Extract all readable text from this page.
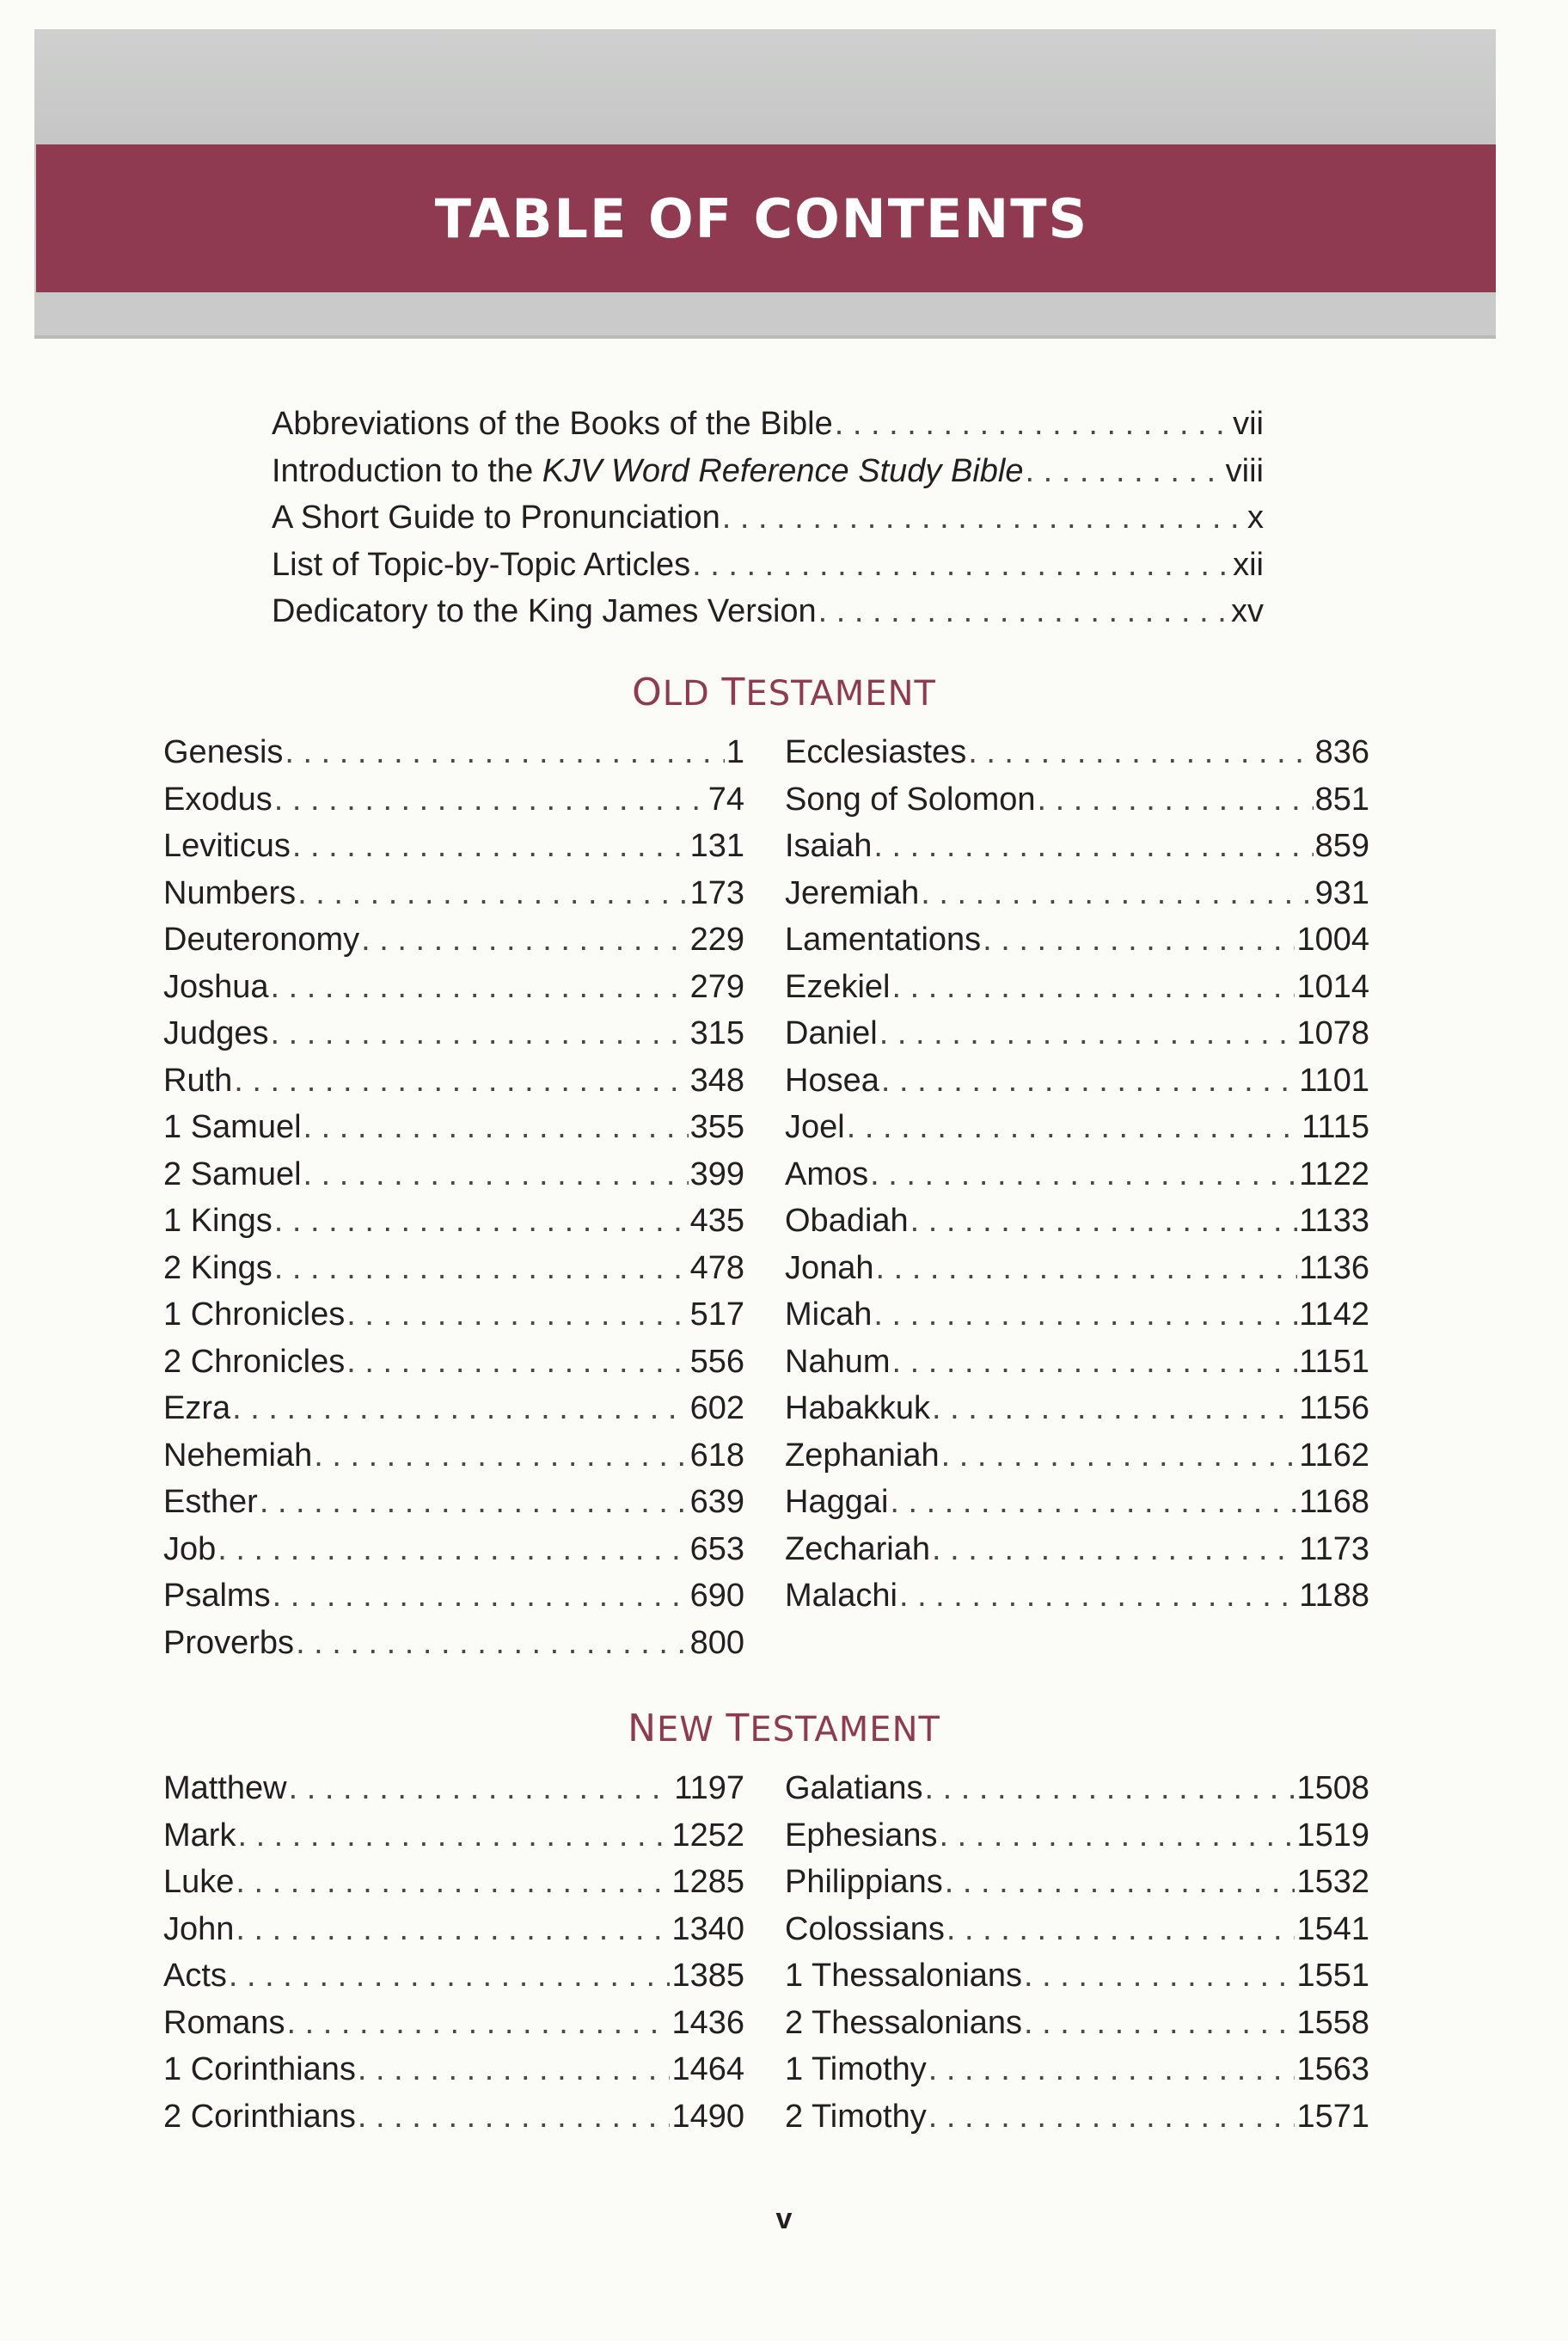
TABLE OF CONTENTS
Abbreviations of the Books of the Bible . . .	vii
Introduction to the KJV Word Reference Study Bible . . .	viii
A Short Guide to Pronunciation . . .	x
List of Topic-by-Topic Articles . . .	xii
Dedicatory to the King James Version . . .	xv
OLD TESTAMENT
Genesis . . .	1
Exodus . . .	74
Leviticus . . .	131
Numbers . . .	173
Deuteronomy . . .	229
Joshua . . .	279
Judges . . .	315
Ruth . . .	348
1 Samuel . . .	355
2 Samuel . . .	399
1 Kings . . .	435
2 Kings . . .	478
1 Chronicles . . .	517
2 Chronicles . . .	556
Ezra . . .	602
Nehemiah . . .	618
Esther . . .	639
Job . . .	653
Psalms . . .	690
Proverbs . . .	800
Ecclesiastes . . .	836
Song of Solomon . . .	851
Isaiah . . .	859
Jeremiah . . .	931
Lamentations . . .	1004
Ezekiel . . .	1014
Daniel . . .	1078
Hosea . . .	1101
Joel . . .	1115
Amos . . .	1122
Obadiah . . .	1133
Jonah . . .	1136
Micah . . .	1142
Nahum . . .	1151
Habakkuk . . .	1156
Zephaniah . . .	1162
Haggai . . .	1168
Zechariah . . .	1173
Malachi . . .	1188
NEW TESTAMENT
Matthew . . .	1197
Mark . . .	1252
Luke . . .	1285
John . . .	1340
Acts . . .	1385
Romans . . .	1436
1 Corinthians . . .	1464
2 Corinthians . . .	1490
Galatians . . .	1508
Ephesians . . .	1519
Philippians . . .	1532
Colossians . . .	1541
1 Thessalonians . . .	1551
2 Thessalonians . . .	1558
1 Timothy . . .	1563
2 Timothy . . .	1571
v
